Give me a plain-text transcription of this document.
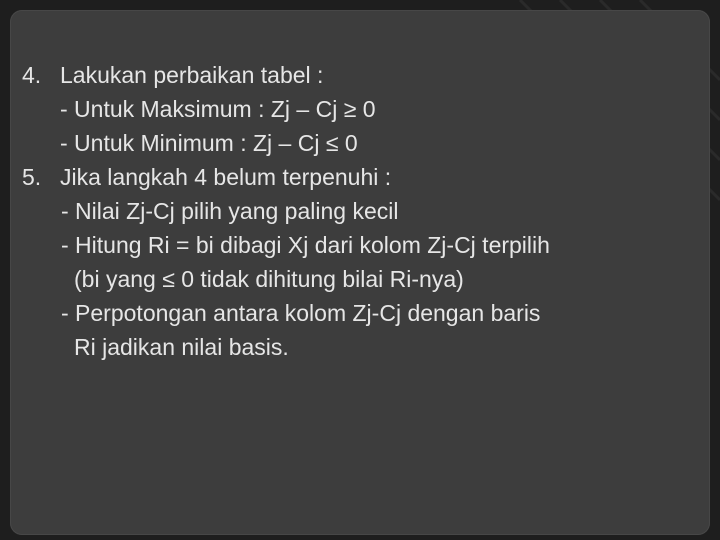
4. Lakukan perbaikan tabel :
- Untuk Maksimum : Zj – Cj ≥ 0
- Untuk Minimum : Zj – Cj ≤ 0
5. Jika langkah 4 belum terpenuhi :
- Nilai Zj-Cj pilih yang paling kecil
- Hitung Ri = bi dibagi Xj dari kolom Zj-Cj terpilih
(bi yang ≤ 0 tidak dihitung bilai Ri-nya)
- Perpotongan antara kolom Zj-Cj dengan baris
Ri jadikan nilai basis.
